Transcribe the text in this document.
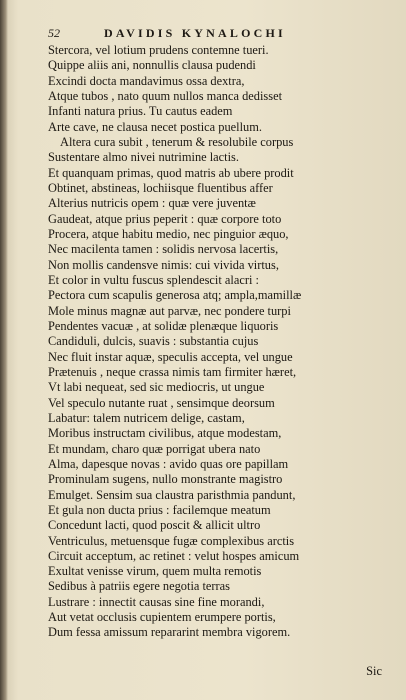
52	DAVIDIS KYNALOCHI
Stercora, vel lotium prudens contemne tueri.
Quippe aliis ani, nonnullis clausa pudendi
Excindi docta mandavimus ossa dextra,
Atque tubos , nato quum nullos manca dedisset
Infanti natura prius. Tu cautus eadem
Arte cave, ne clausa necet postica puellum.
Altera cura subit , tenerum & resolubile corpus
Sustentare almo nivei nutrimine lactis.
Et quanquam primas, quod matris ab ubere prodit
Obtinet, abstineas, lochiisque fluentibus affer
Alterius nutricis opem : quæ vere juventæ
Gaudeat, atque prius peperit : quæ corpore toto
Procera, atque habitu medio, nec pinguior æquo,
Nec macilenta tamen : solidis nervosa lacertis,
Non mollis candensve nimis: cui vivida virtus,
Et color in vultu fuscus splendescit alacri :
Pectora cum scapulis generosa atq; ampla,mamillæ
Mole minus magnæ aut parvæ, nec pondere turpi
Pendentes vacuæ , at solidæ plenæque liquoris
Candiduli, dulcis, suavis : substantia cujus
Nec fluit instar aquæ, speculis accepta, vel ungue
Prætenuis , neque crassa nimis tam firmiter hæret,
Vt labi nequeat, sed sic mediocris, ut ungue
Vel speculo nutante ruat , sensimque deorsum
Labatur: talem nutricem delige, castam,
Moribus instructam civilibus, atque modestam,
Et mundam, charo quæ porrigat ubera nato
Alma, dapesque novas : avido quas ore papillam
Prominulam sugens, nullo monstrante magistro
Emulget. Sensim sua claustra paristhmia pandunt,
Et gula non ducta prius : facilemque meatum
Concedunt lacti, quod poscit & allicit ultro
Ventriculus, metuensque fugæ complexibus arctis
Circuit acceptum, ac retinet : velut hospes amicum
Exultat venisse virum, quem multa remotis
Sedibus à patriis egere negotia terras
Lustrare : innectit causas sine fine morandi,
Aut vetat occlusis cupientem erumpere portis,
Dum fessa amissum repararint membra vigorem.
Sic
